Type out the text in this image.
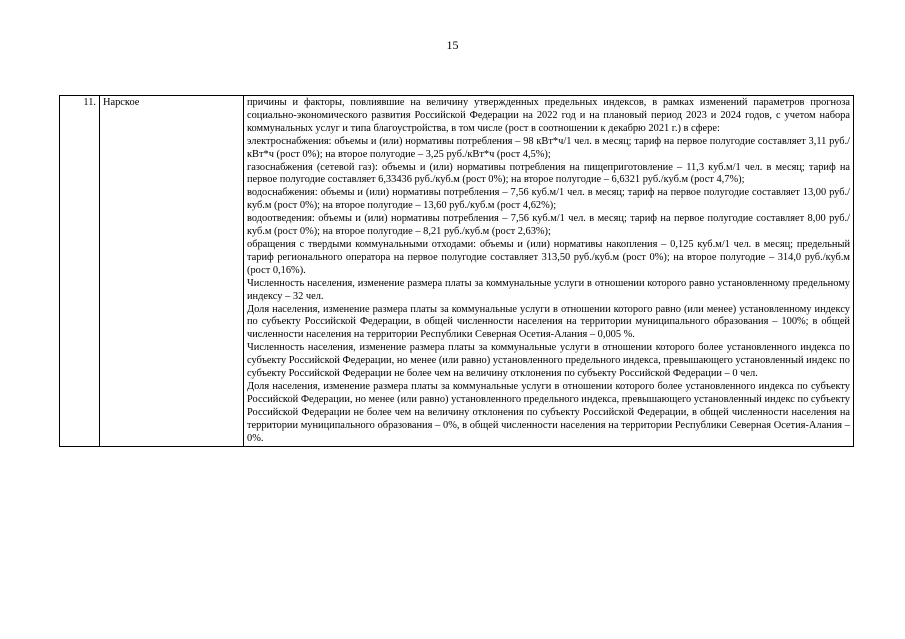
15
11.	Нарское	причины и факторы, повлиявшие на величину утвержденных предельных индексов, в рамках изменений параметров прогноза социально-экономического развития Российской Федерации на 2022 год и на плановый период 2023 и 2024 годов, с учетом набора коммунальных услуг и типа благоустройства, в том числе (рост в соотношении к декабрю 2021 г.) в сфере:

электроснабжения: объемы и (или) нормативы потребления – 98 кВт*ч/1 чел. в месяц; тариф на первое полугодие составляет 3,11 руб./кВт*ч (рост 0%); на второе полугодие – 3,25 руб./кВт*ч (рост 4,5%);

газоснабжения (сетевой газ): объемы и (или) нормативы потребления на пищеприготовление – 11,3 куб.м/1 чел. в месяц; тариф на первое полугодие составляет 6,33436 руб./куб.м (рост 0%); на второе полугодие – 6,6321 руб./куб.м (рост 4,7%);

водоснабжения: объемы и (или) нормативы потребления – 7,56 куб.м/1 чел. в месяц; тариф на первое полугодие составляет 13,00 руб./куб.м (рост 0%); на второе полугодие – 13,60 руб./куб.м (рост 4,62%);

водоотведения: объемы и (или) нормативы потребления – 7,56 куб.м/1 чел. в месяц; тариф на первое полугодие составляет 8,00 руб./куб.м (рост 0%); на второе полугодие – 8,21 руб./куб.м (рост 2,63%);

обращения с твердыми коммунальными отходами: объемы и (или) нормативы накопления – 0,125 куб.м/1 чел. в месяц; предельный тариф регионального оператора на первое полугодие составляет 313,50 руб./куб.м (рост 0%); на второе полугодие – 314,0 руб./куб.м (рост 0,16%).

Численность населения, изменение размера платы за коммунальные услуги в отношении которого равно установленному предельному индексу – 32 чел.

Доля населения, изменение размера платы за коммунальные услуги в отношении которого равно (или менее) установленному индексу по субъекту Российской Федерации, в общей численности населения на территории муниципального образования – 100%; в общей численности населения на территории Республики Северная Осетия-Алания – 0,005 %.

Численность населения, изменение размера платы за коммунальные услуги в отношении которого более установленного индекса по субъекту Российской Федерации, но менее (или равно) установленного предельного индекса, превышающего установленный индекс по субъекту Российской Федерации не более чем на величину отклонения по субъекту Российской Федерации – 0 чел.

Доля населения, изменение размера платы за коммунальные услуги в отношении которого более установленного индекса по субъекту Российской Федерации, но менее (или равно) установленного предельного индекса, превышающего установленный индекс по субъекту Российской Федерации не более чем на величину отклонения по субъекту Российской Федерации, в общей численности населения на территории муниципального образования – 0%, в общей численности населения на территории Республики Северная Осетия-Алания – 0%.
